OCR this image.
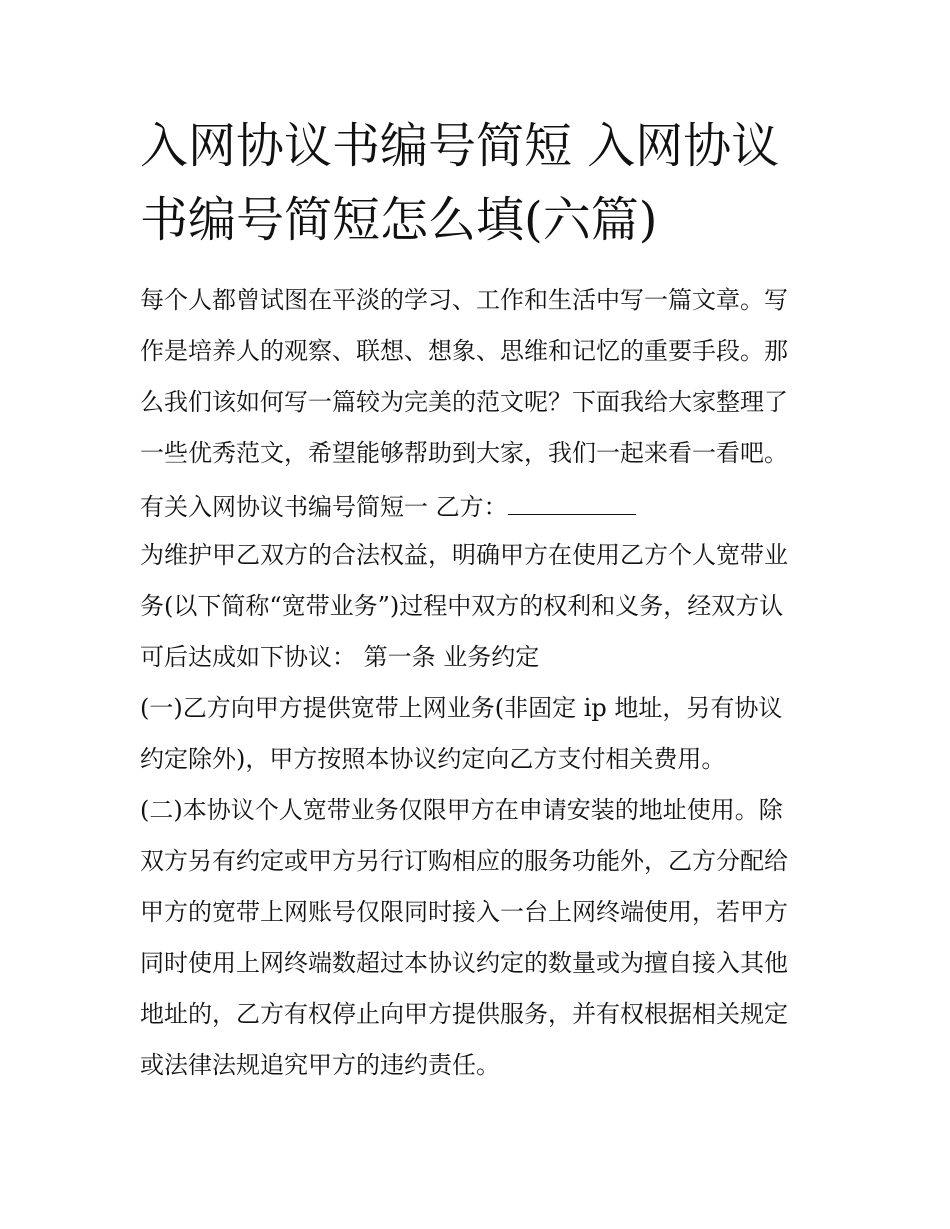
入网协议书编号简短 入网协议
书编号简短怎么填(六篇)

每个人都曾试图在平淡的学习、工作和生活中写一篇文章。写

作是培养人的观察、联想、想象、思维和记忆的重要手段。那

么我们该如何写一篇较为完美的范文呢？下面我给大家整理了

一些优秀范文，希望能够帮助到大家，我们一起来看一看吧。

有关入网协议书编号简短一 乙方：

为维护甲乙双方的合法权益，明确甲方在使用乙方个人宽带业

务(以下简称“宽带业务”)过程中双方的权利和义务，经双方认

可后达成如下协议： 第一条 业务约定

(一)乙方向甲方提供宽带上网业务(非固定 ip 地址，另有协议

约定除外)，甲方按照本协议约定向乙方支付相关费用。

(二)本协议个人宽带业务仅限甲方在申请安装的地址使用。除

双方另有约定或甲方另行订购相应的服务功能外，乙方分配给

甲方的宽带上网账号仅限同时接入一台上网终端使用，若甲方

同时使用上网终端数超过本协议约定的数量或为擅自接入其他

地址的，乙方有权停止向甲方提供服务，并有权根据相关规定

或法律法规追究甲方的违约责任。
